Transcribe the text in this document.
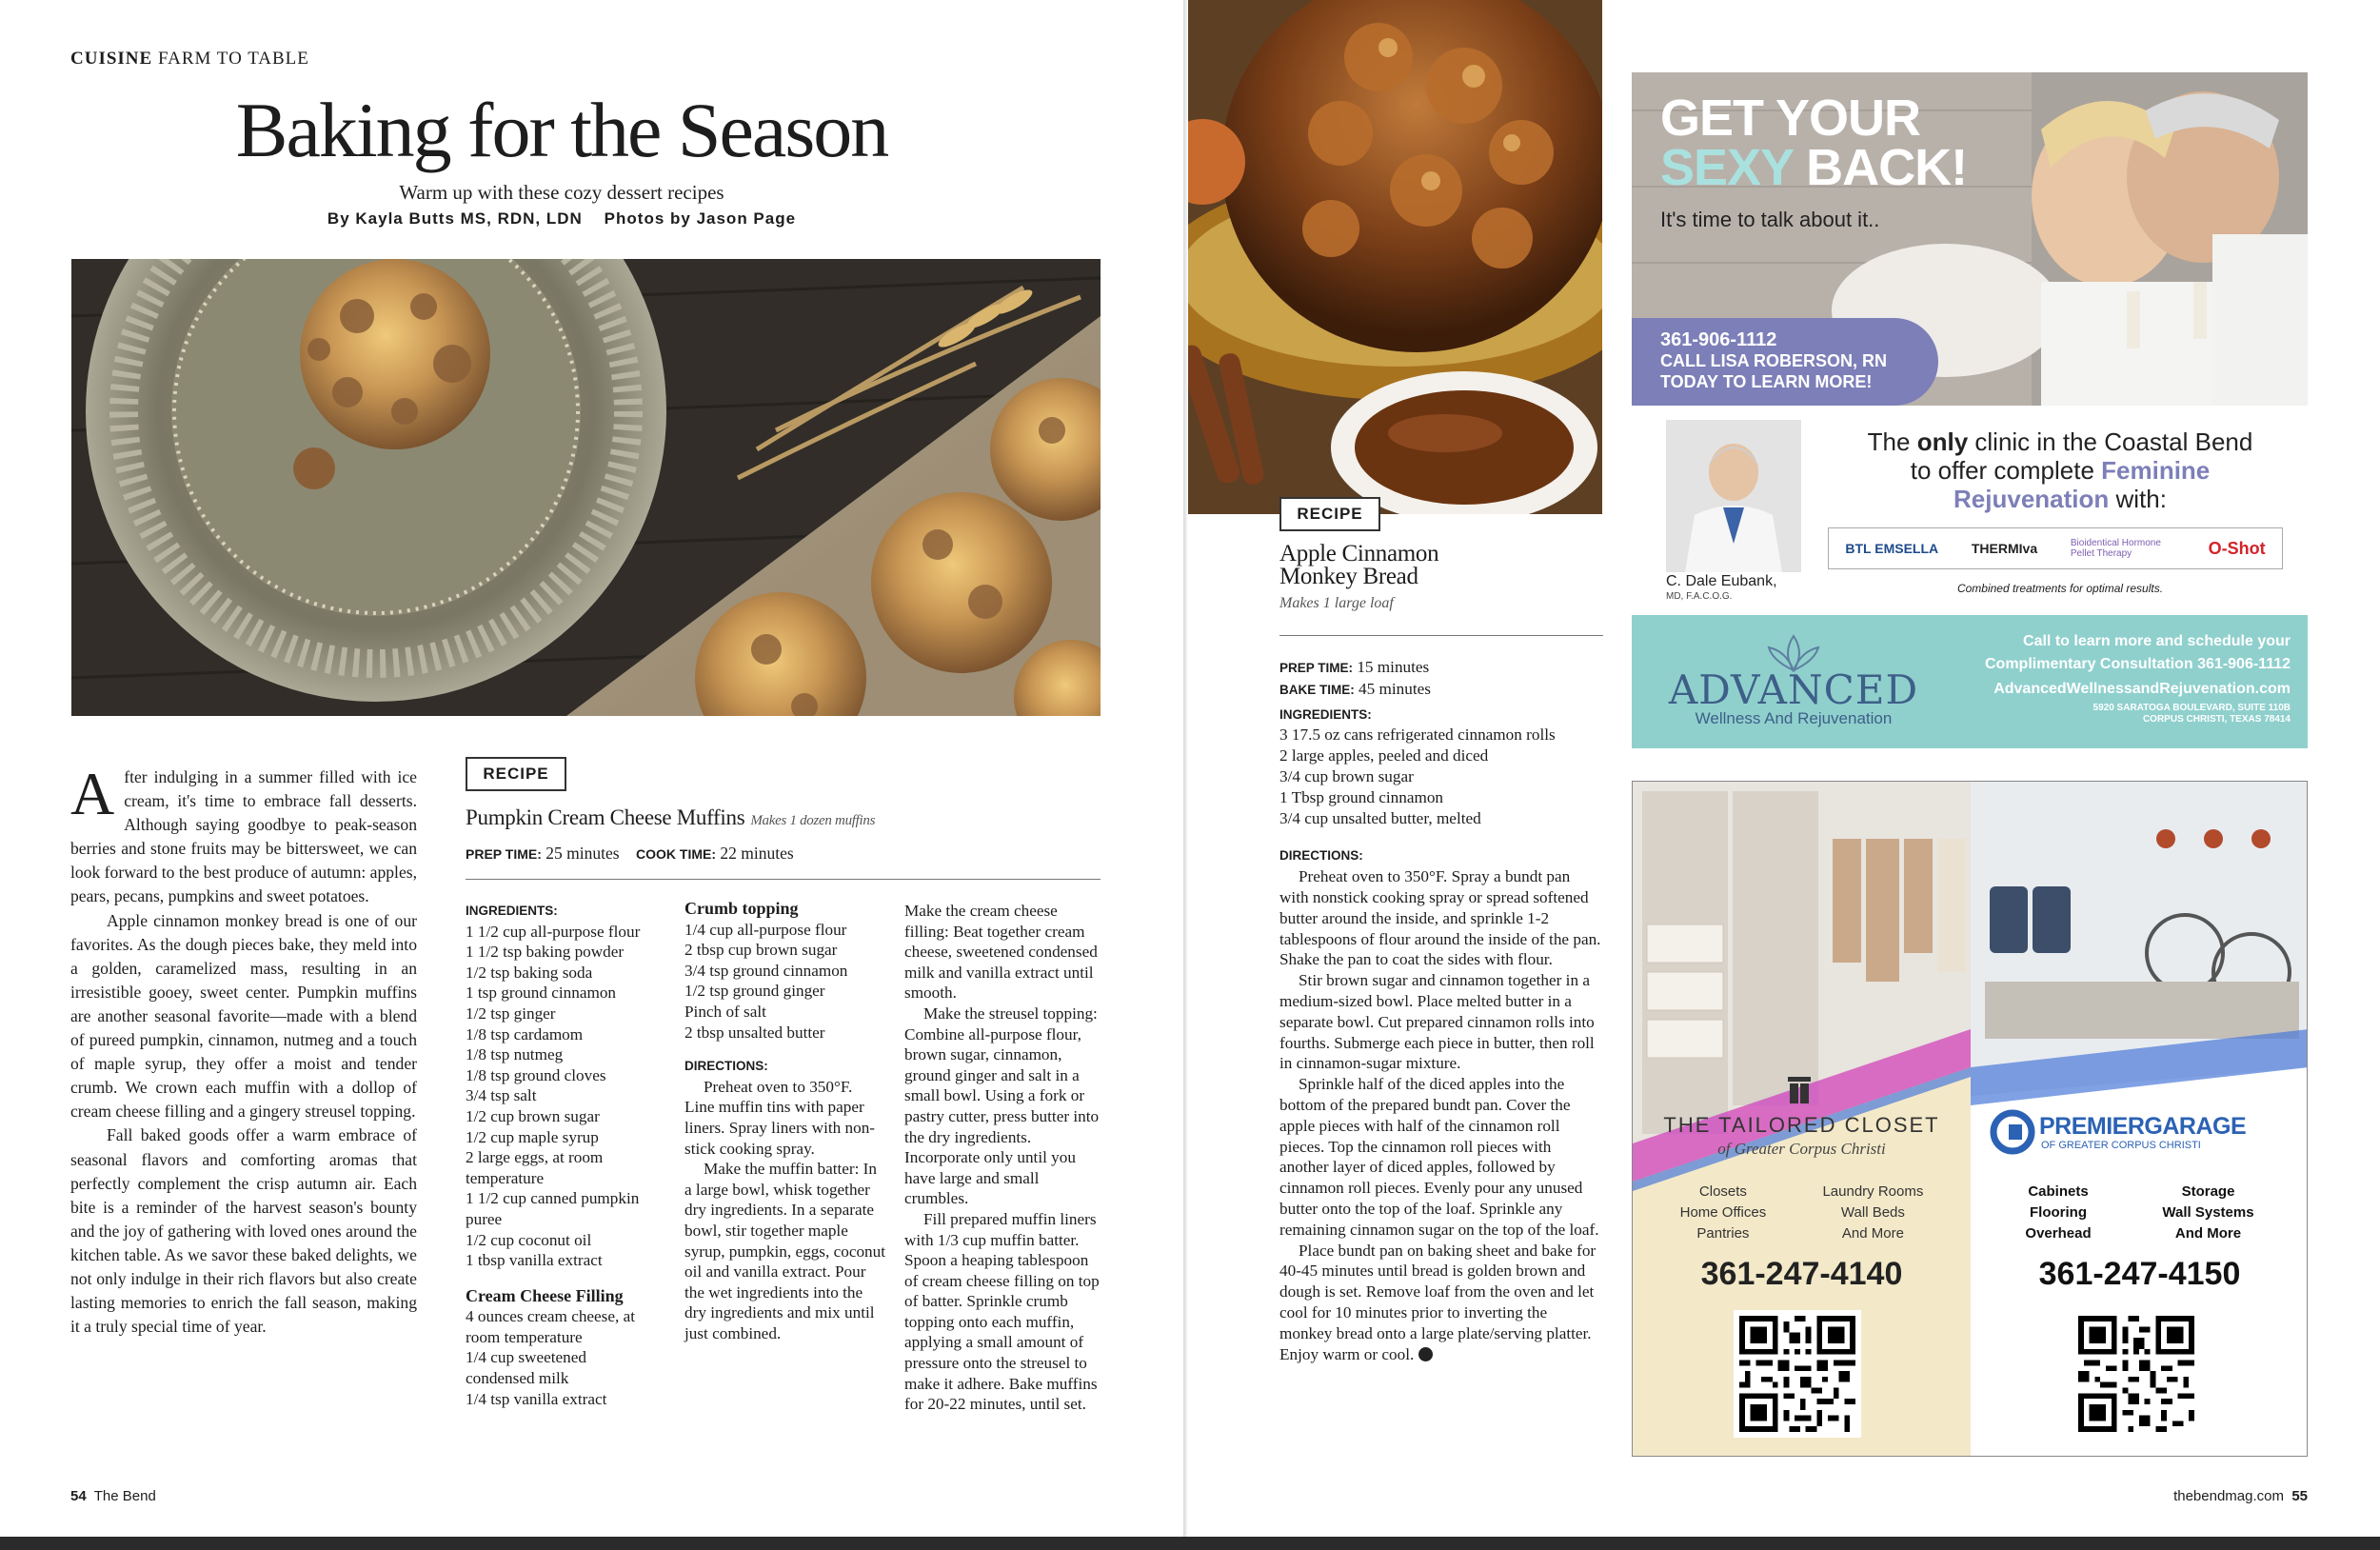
CUISINE FARM TO TABLE
Baking for the Season
Warm up with these cozy dessert recipes
By Kayla Butts MS, RDN, LDN    Photos by Jason Page

After indulging in a summer filled with ice cream, it's time to embrace fall desserts. Although saying goodbye to peak-season berries and stone fruits may be bittersweet, we can look forward to the best produce of autumn: apples, pears, pecans, pumpkins and sweet potatoes.

Apple cinnamon monkey bread is one of our favorites. As the dough pieces bake, they meld into a golden, caramelized mass, resulting in an irresistible gooey, sweet center. Pumpkin muffins are another seasonal favorite—made with a blend of pureed pumpkin, cinnamon, nutmeg and a touch of maple syrup, they offer a moist and tender crumb. We crown each muffin with a dollop of cream cheese filling and a gingery streusel topping.

Fall baked goods offer a warm embrace of seasonal flavors and comforting aromas that perfectly complement the crisp autumn air. Each bite is a reminder of the harvest season's bounty and the joy of gathering with loved ones around the kitchen table. As we savor these baked delights, we not only indulge in their rich flavors but also create lasting memories to enrich the fall season, making it a truly special time of year.

RECIPE
Pumpkin Cream Cheese Muffins Makes 1 dozen muffins
PREP TIME: 25 minutes COOK TIME: 22 minutes
INGREDIENTS:
1 1/2 cup all-purpose flour
1 1/2 tsp baking powder
1/2 tsp baking soda
1 tsp ground cinnamon
1/2 tsp ginger
1/8 tsp cardamom
1/8 tsp nutmeg
1/8 tsp ground cloves
3/4 tsp salt
1/2 cup brown sugar
1/2 cup maple syrup
2 large eggs, at room temperature
1 1/2 cup canned pumpkin puree
1/2 cup coconut oil
1 tbsp vanilla extract
Cream Cheese Filling
4 ounces cream cheese, at room temperature
1/4 cup sweetened condensed milk
1/4 tsp vanilla extract
Crumb topping
1/4 cup all-purpose flour
2 tbsp cup brown sugar
3/4 tsp ground cinnamon
1/2 tsp ground ginger
Pinch of salt
2 tbsp unsalted butter
DIRECTIONS:
Preheat oven to 350°F. Line muffin tins with paper liners. Spray liners with non-stick cooking spray.
Make the muffin batter: In a large bowl, whisk together dry ingredients. In a separate bowl, stir together maple syrup, pumpkin, eggs, coconut oil and vanilla extract. Pour the wet ingredients into the dry ingredients and mix until just combined.
Make the cream cheese filling: Beat together cream cheese, sweetened condensed milk and vanilla extract until smooth.
Make the streusel topping: Combine all-purpose flour, brown sugar, cinnamon, ground ginger and salt in a small bowl. Using a fork or pastry cutter, press butter into the dry ingredients. Incorporate only until you have large and small crumbles.
Fill prepared muffin liners with 1/3 cup muffin batter. Spoon a heaping tablespoon of cream cheese filling on top of batter. Sprinkle crumb topping onto each muffin, applying a small amount of pressure onto the streusel to make it adhere. Bake muffins for 20-22 minutes, until set.
54 The Bend
RECIPE
Apple Cinnamon
Monkey Bread
Makes 1 large loaf
PREP TIME: 15 minutes
BAKE TIME: 45 minutes
INGREDIENTS:
3 17.5 oz cans refrigerated cinnamon rolls
2 large apples, peeled and diced
3/4 cup brown sugar
1 Tbsp ground cinnamon
3/4 cup unsalted butter, melted
DIRECTIONS:
Preheat oven to 350°F. Spray a bundt pan with nonstick cooking spray or spread softened butter around the inside, and sprinkle 1-2 tablespoons of flour around the inside of the pan. Shake the pan to coat the sides with flour.
Stir brown sugar and cinnamon together in a medium-sized bowl. Place melted butter in a separate bowl. Cut prepared cinnamon rolls into fourths. Submerge each piece in butter, then roll in cinnamon-sugar mixture.
Sprinkle half of the diced apples into the bottom of the prepared bundt pan. Cover the apple pieces with half of the cinnamon roll pieces. Top the cinnamon roll pieces with another layer of diced apples, followed by cinnamon roll pieces. Evenly pour any unused butter onto the top of the loaf. Sprinkle any remaining cinnamon sugar on the top of the loaf.
Place bundt pan on baking sheet and bake for 40-45 minutes until bread is golden brown and dough is set. Remove loaf from the oven and let cool for 10 minutes prior to inverting the monkey bread onto a large plate/serving platter. Enjoy warm or cool.
GET YOUR
SEXY BACK!
It's time to talk about it..
361-906-1112
CALL LISA ROBERSON, RN
TODAY TO LEARN MORE!
C. Dale Eubank,
MD, F.A.C.O.G.
The only clinic in the Coastal Bend
to offer complete Feminine
Rejuvenation with:
BTL EMSELLA THERMIva	Bioidentical Hormone Pellet Therapy	O-Shot
Combined treatments for optimal results.
ADVANCED
Wellness And Rejuvenation
Call to learn more and schedule your
Complimentary Consultation 361-906-1112
AdvancedWellnessandRejuvenation.com
5920 SARATOGA BOULEVARD, SUITE 110B
CORPUS CHRISTI, TEXAS 78414
THE TAILORED CLOSET
of Greater Corpus Christi
Closets
Home Offices
Pantries
Laundry Rooms
Wall Beds
And More
361-247-4140
PREMIERGARAGE
OF GREATER CORPUS CHRISTI
Cabinets
Flooring
Overhead
Storage
Wall Systems
And More
361-247-4150
thebendmag.com 55
